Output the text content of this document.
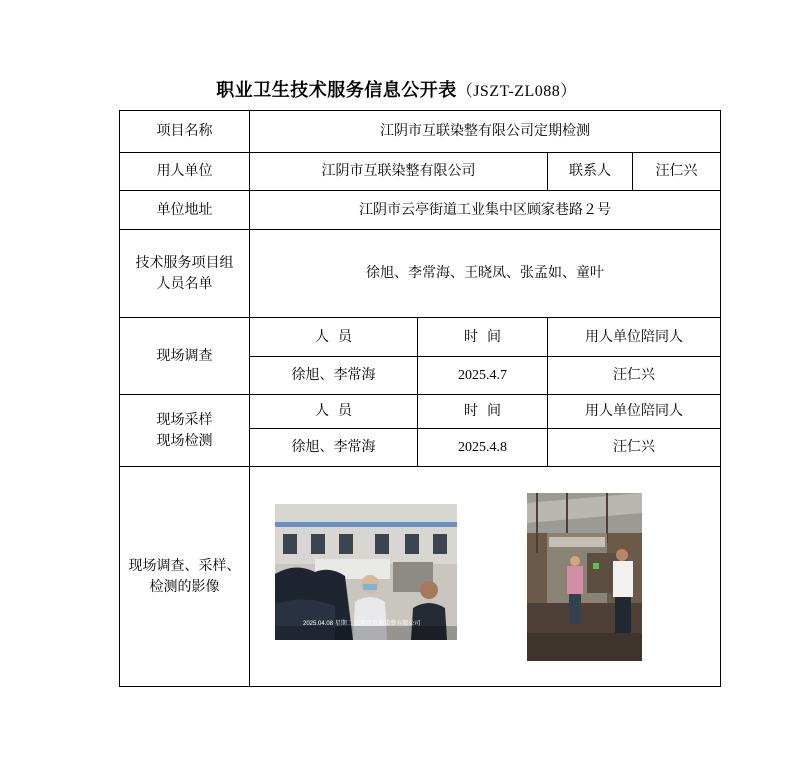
职业卫生技术服务信息公开表（JSZT-ZL088）
项目名称	江阴市互联染整有限公司定期检测			
用人单位	江阴市互联染整有限公司		联系人	汪仁兴
单位地址	江阴市云亭街道工业集中区顾家巷路２号			

技术服务项目组人员名单	徐旭、李常海、王晓凤、张孟如、童叶			
现场调查	人  员	时  间	用人单位陪同人	
	徐旭、李常海	2025.4.7	汪仁兴	

现场采样现场检测	人  员	时  间	用人单位陪同人	
	徐旭、李常海	2025.4.8	汪仁兴	

现场调查、采样、检测的影像	2025.04.08 星期二 江阴市互联染整有限公司			
